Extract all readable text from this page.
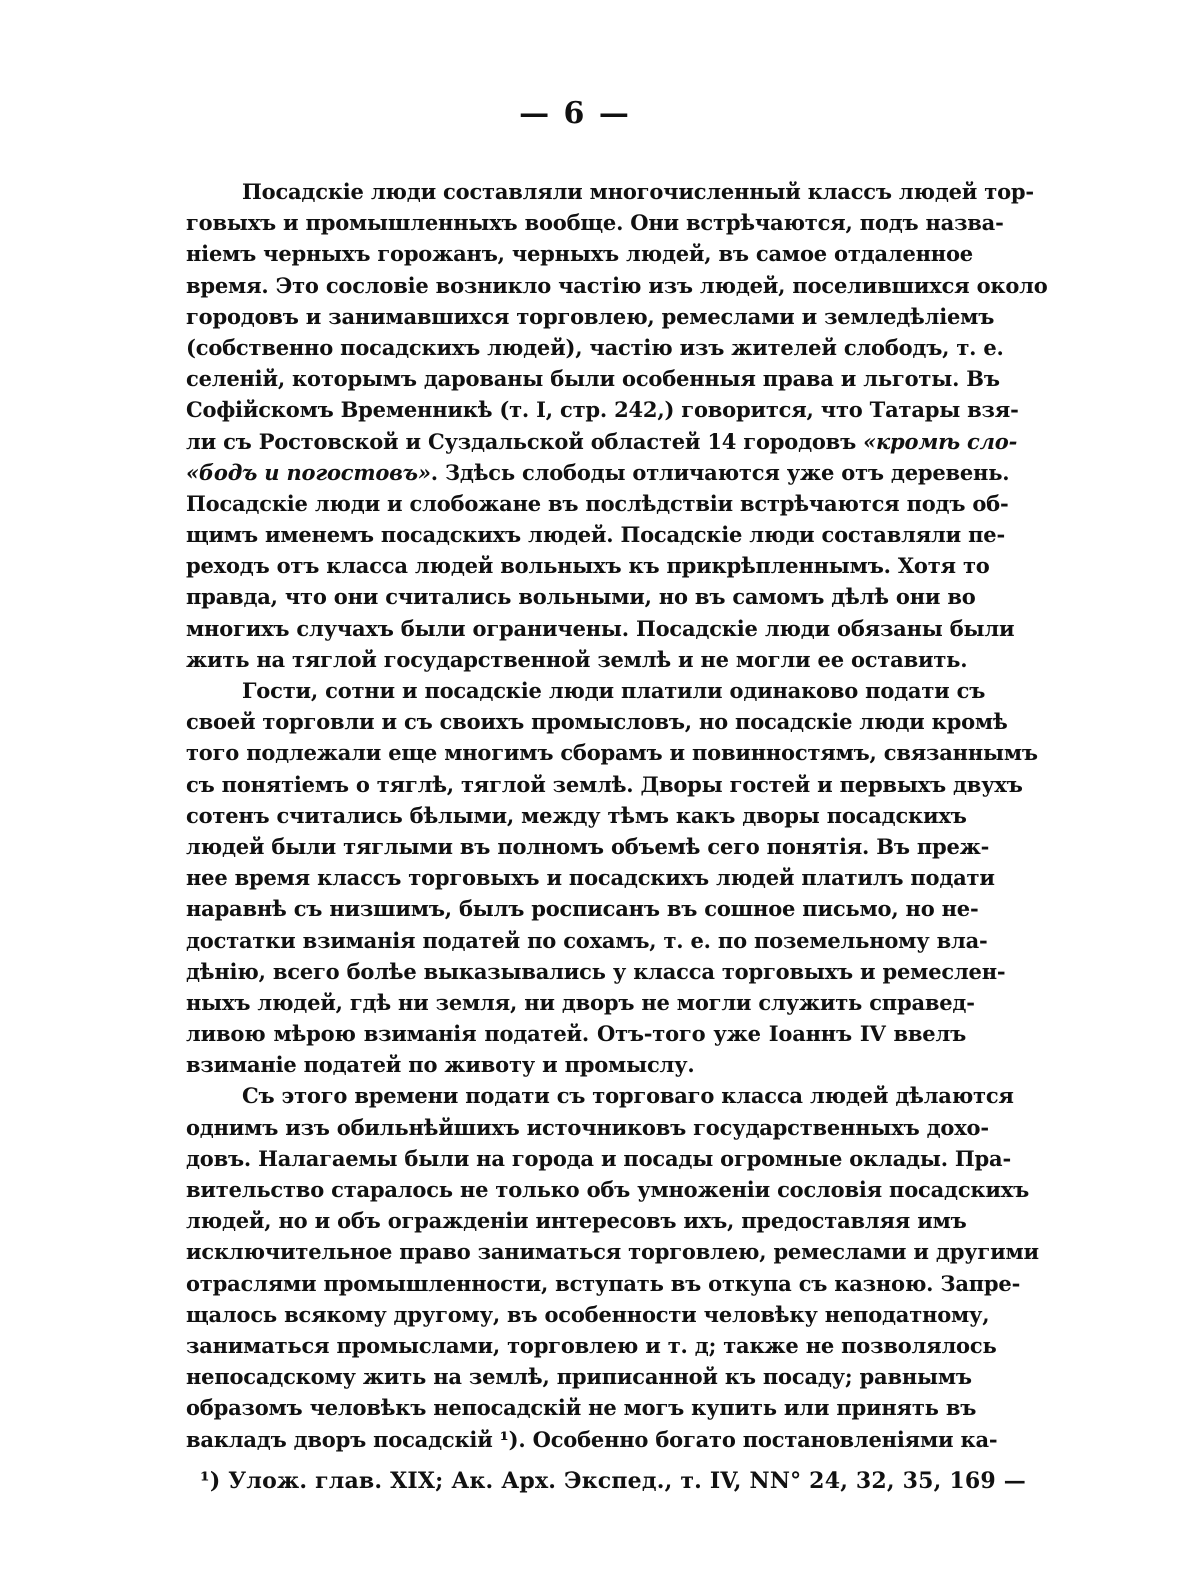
— 6 —
Посадскіе люди составляли многочисленный классъ людей тор-
говыхъ и промышленныхъ вообще. Они встрѣчаются, подъ назва-
ніемъ черныхъ горожанъ, черныхъ людей, въ самое отдаленное
время. Это сословіе возникло частію изъ людей, поселившихся около
городовъ и занимавшихся торговлею, ремеслами и земледѣліемъ
(собственно посадскихъ людей), частію изъ жителей слободъ, т. е.
селеній, которымъ дарованы были особенныя права и льготы. Въ
Софійскомъ Временникѣ (т. I, стр. 242,) говорится, что Татары взя-
ли съ Ростовской и Суздальской областей 14 городовъ «кромѣ сло-
«бодъ и погостовъ». Здѣсь слободы отличаются уже отъ деревень.
Посадскіе люди и слобожане въ послѣдствіи встрѣчаются подъ об-
щимъ именемъ посадскихъ людей. Посадскіе люди составляли пе-
реходъ отъ класса людей вольныхъ къ прикрѣпленнымъ. Хотя то
правда, что они считались вольными, но въ самомъ дѣлѣ они во
многихъ случахъ были ограничены. Посадскіе люди обязаны были
жить на тяглой государственной землѣ и не могли ее оставить.
Гости, сотни и посадскіе люди платили одинаково подати съ
своей торговли и съ своихъ промысловъ, но посадскіе люди кромѣ
того подлежали еще многимъ сборамъ и повинностямъ, связаннымъ
съ понятіемъ о тяглѣ, тяглой землѣ. Дворы гостей и первыхъ двухъ
сотенъ считались бѣлыми, между тѣмъ какъ дворы посадскихъ
людей были тяглыми въ полномъ объемѣ сего понятія. Въ преж-
нее время классъ торговыхъ и посадскихъ людей платилъ подати
наравнѣ съ низшимъ, былъ росписанъ въ сошное письмо, но не-
достатки взиманія податей по сохамъ, т. е. по поземельному вла-
дѣнію, всего болѣе выказывались у класса торговыхъ и ремеслен-
ныхъ людей, гдѣ ни земля, ни дворъ не могли служить справед-
ливою мѣрою взиманія податей. Отъ-того уже Іоаннъ IV ввелъ
взиманіе податей по животу и промыслу.
Съ этого времени подати съ торговаго класса людей дѣлаются
однимъ изъ обильнѣйшихъ источниковъ государственныхъ дохо-
довъ. Налагаемы были на города и посады огромные оклады. Пра-
вительство старалось не только объ умноженіи сословія посадскихъ
людей, но и объ огражденіи интересовъ ихъ, предоставляя имъ
исключительное право заниматься торговлею, ремеслами и другими
отраслями промышленности, вступать въ откупа съ казною. Запре-
щалось всякому другому, въ особенности человѣку неподатному,
заниматься промыслами, торговлею и т. д; также не позволялось
непосадскому жить на землѣ, приписанной къ посаду; равнымъ
образомъ человѣкъ непосадскій не могъ купить или принять въ
вакладъ дворъ посадскій ¹). Особенно богато постановленіями ка-
¹) Улож. глав. XIX; Ак. Арх. Экспед., т. IV, NN° 24, 32, 35, 169 —
